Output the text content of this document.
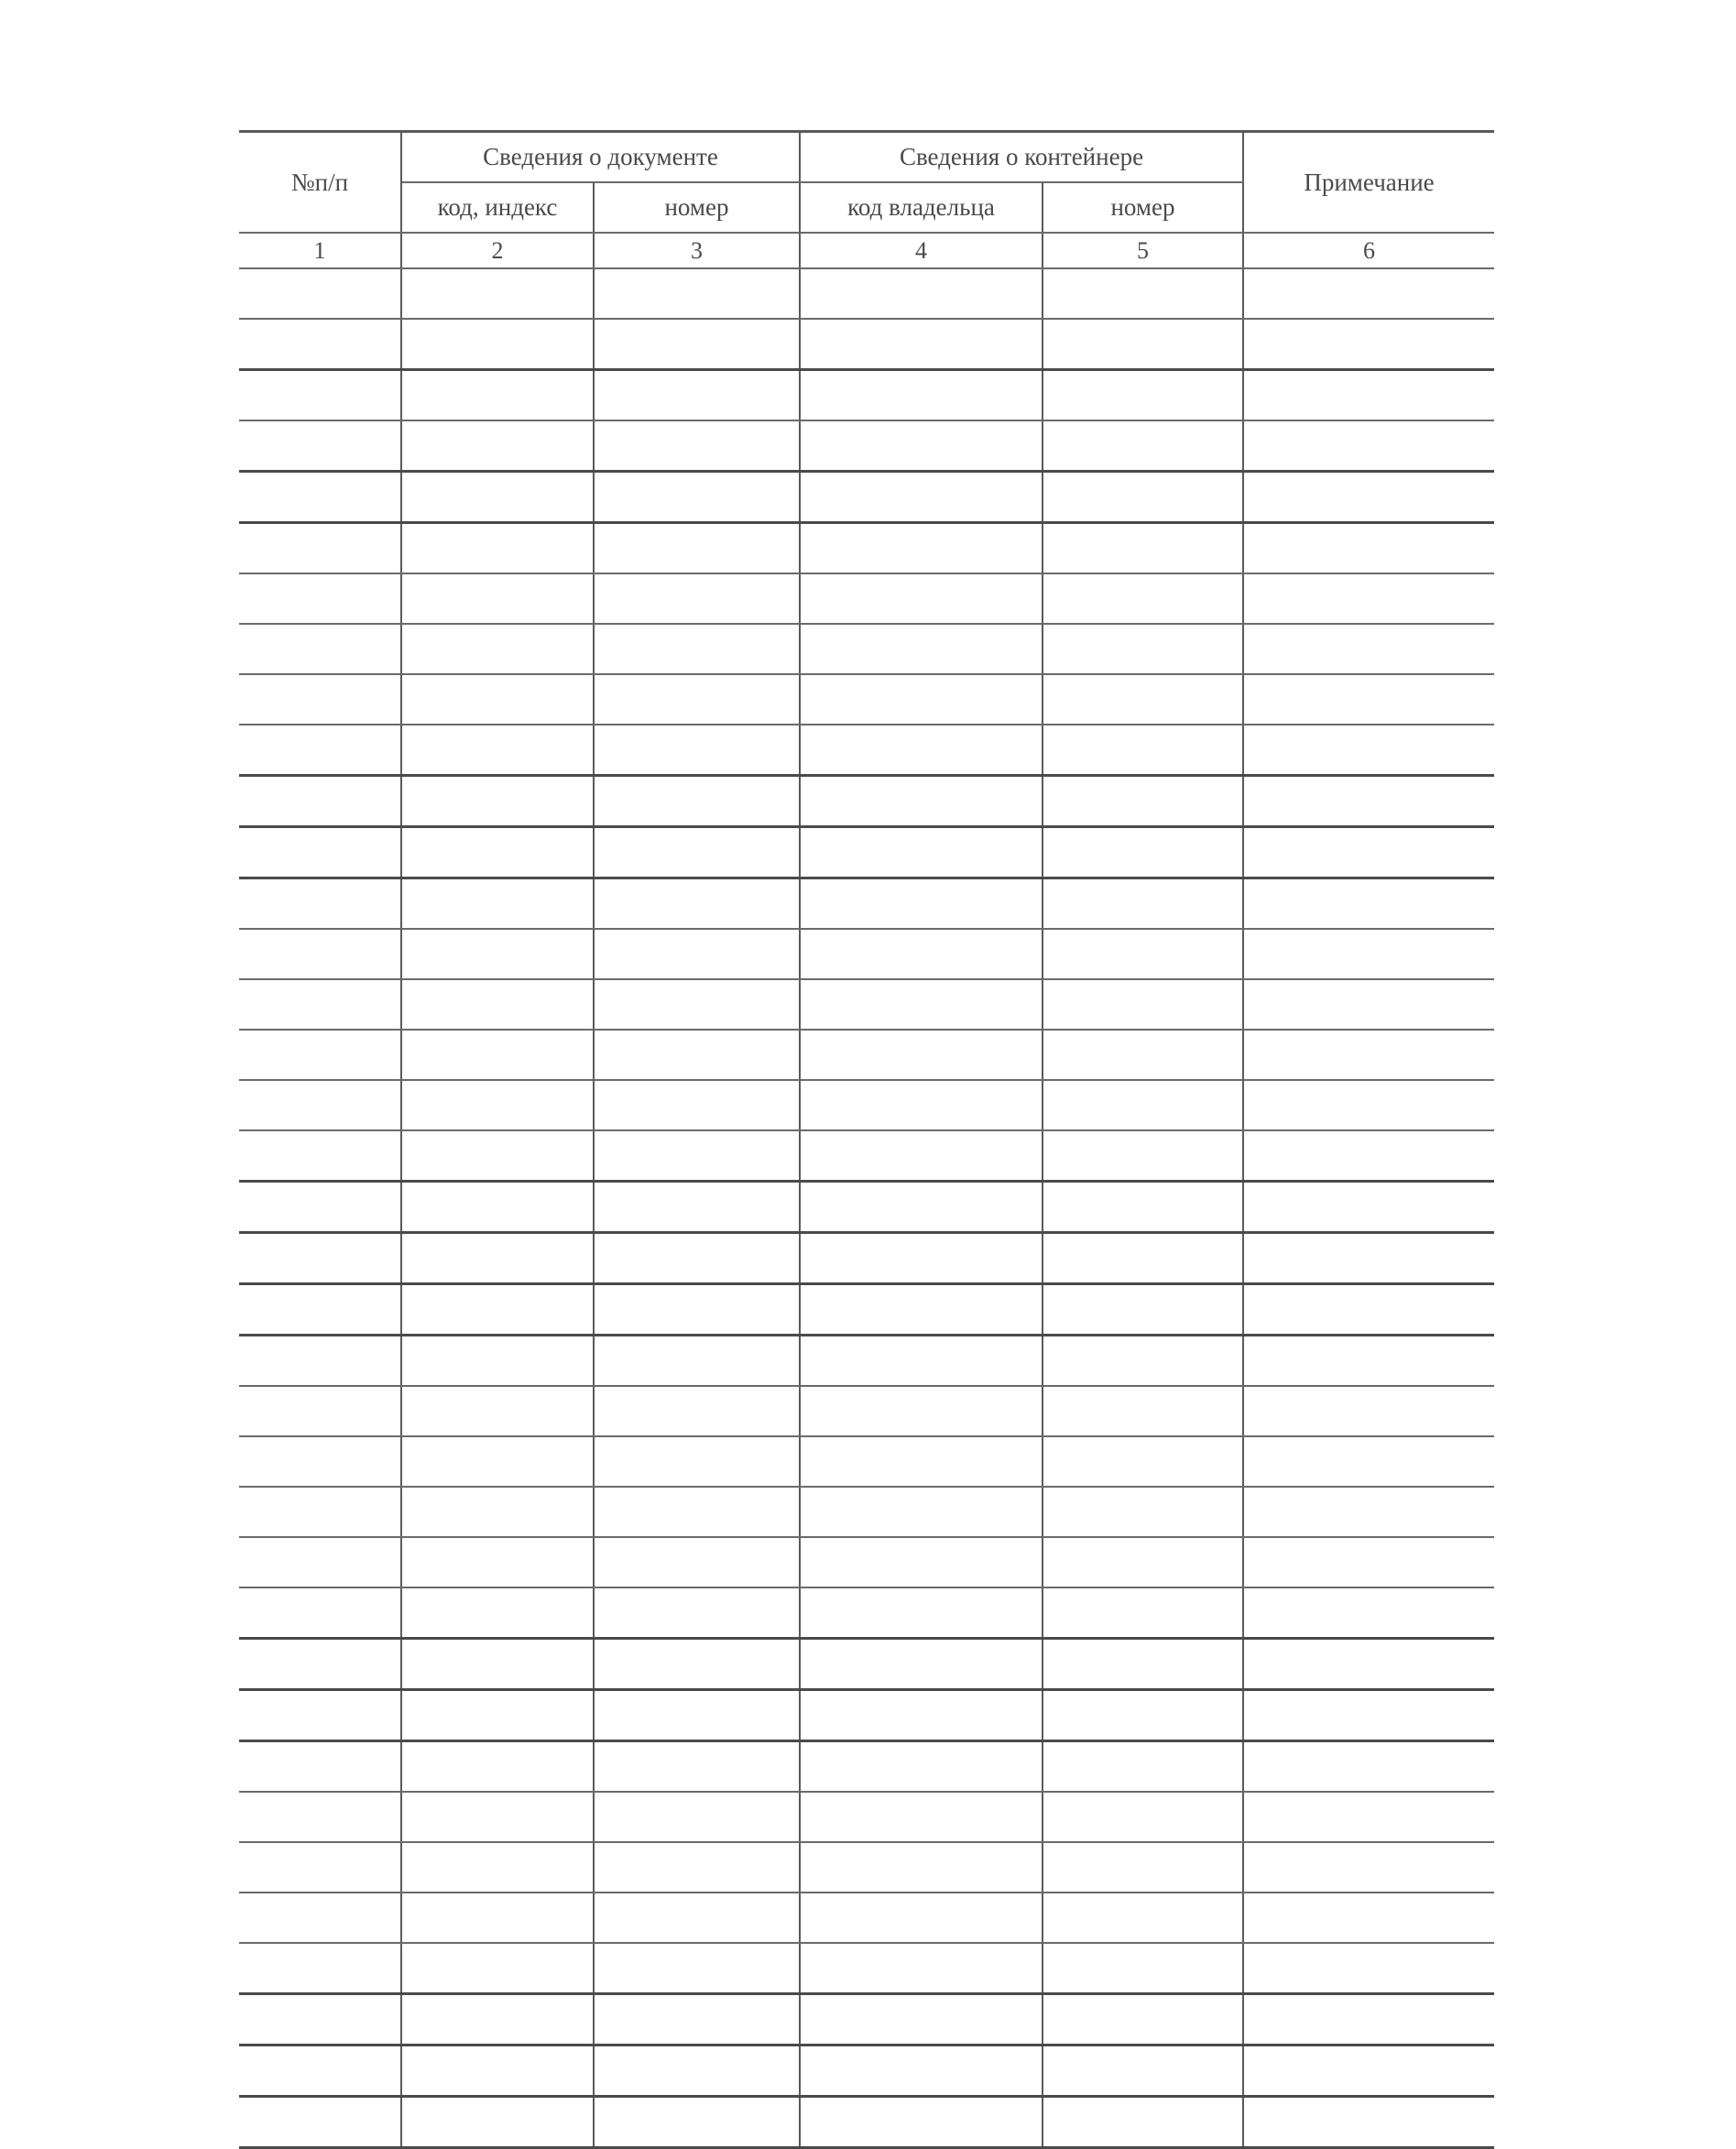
№п/п	Сведения о документе		Сведения о контейнере		Примечание
	код, индекс	номер	код владельца	номер	
1	2	3	4	5	6
